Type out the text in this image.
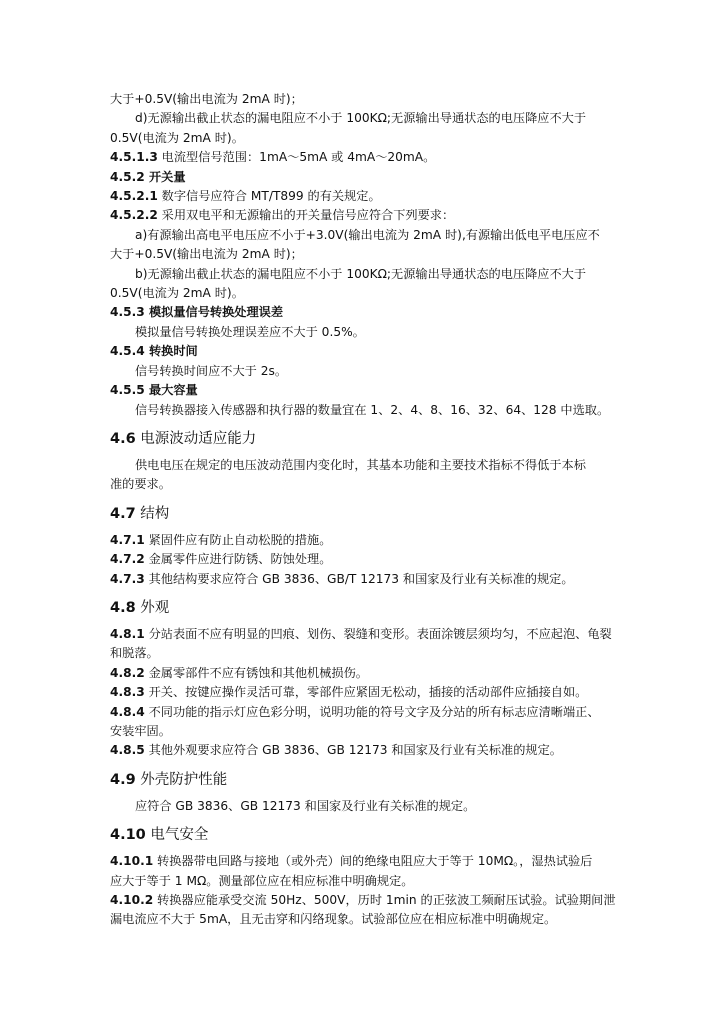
大于+0.5V(输出电流为 2mA 时)；

d)无源输出截止状态的漏电阻应不小于 100KΩ;无源输出导通状态的电压降应不大于

0.5V(电流为 2mA 时)。

4.5.1.3 电流型信号范围：1mA～5mA 或 4mA～20mA。

4.5.2 开关量

4.5.2.1 数字信号应符合 MT/T899 的有关规定。

4.5.2.2 采用双电平和无源输出的开关量信号应符合下列要求：

a)有源输出高电平电压应不小于+3.0V(输出电流为 2mA 时),有源输出低电平电压应不

大于+0.5V(输出电流为 2mA 时)；

b)无源输出截止状态的漏电阻应不小于 100KΩ;无源输出导通状态的电压降应不大于

0.5V(电流为 2mA 时)。

4.5.3 模拟量信号转换处理误差

模拟量信号转换处理误差应不大于 0.5%。

4.5.4 转换时间

信号转换时间应不大于 2s。

4.5.5 最大容量

信号转换器接入传感器和执行器的数量宜在 1、2、4、8、16、32、64、128 中选取。

4.6 电源波动适应能力

供电电压在规定的电压波动范围内变化时，其基本功能和主要技术指标不得低于本标

准的要求。

4.7 结构

4.7.1 紧固件应有防止自动松脱的措施。

4.7.2 金属零件应进行防锈、防蚀处理。

4.7.3 其他结构要求应符合 GB 3836、GB/T 12173 和国家及行业有关标准的规定。

4.8 外观

4.8.1 分站表面不应有明显的凹痕、划伤、裂缝和变形。表面涂镀层须均匀，不应起泡、龟裂

和脱落。

4.8.2 金属零部件不应有锈蚀和其他机械损伤。

4.8.3 开关、按键应操作灵活可靠，零部件应紧固无松动，插接的活动部件应插接自如。

4.8.4 不同功能的指示灯应色彩分明，说明功能的符号文字及分站的所有标志应清晰端正、

安装牢固。

4.8.5 其他外观要求应符合 GB 3836、GB 12173 和国家及行业有关标准的规定。

4.9 外壳防护性能

应符合 GB 3836、GB 12173 和国家及行业有关标准的规定。

4.10 电气安全

4.10.1 转换器带电回路与接地（或外壳）间的绝缘电阻应大于等于 10MΩ。，湿热试验后

应大于等于 1 MΩ。测量部位应在相应标准中明确规定。

4.10.2 转换器应能承受交流 50Hz、500V，历时 1min 的正弦波工频耐压试验。试验期间泄

漏电流应不大于 5mA，且无击穿和闪络现象。试验部位应在相应标准中明确规定。
